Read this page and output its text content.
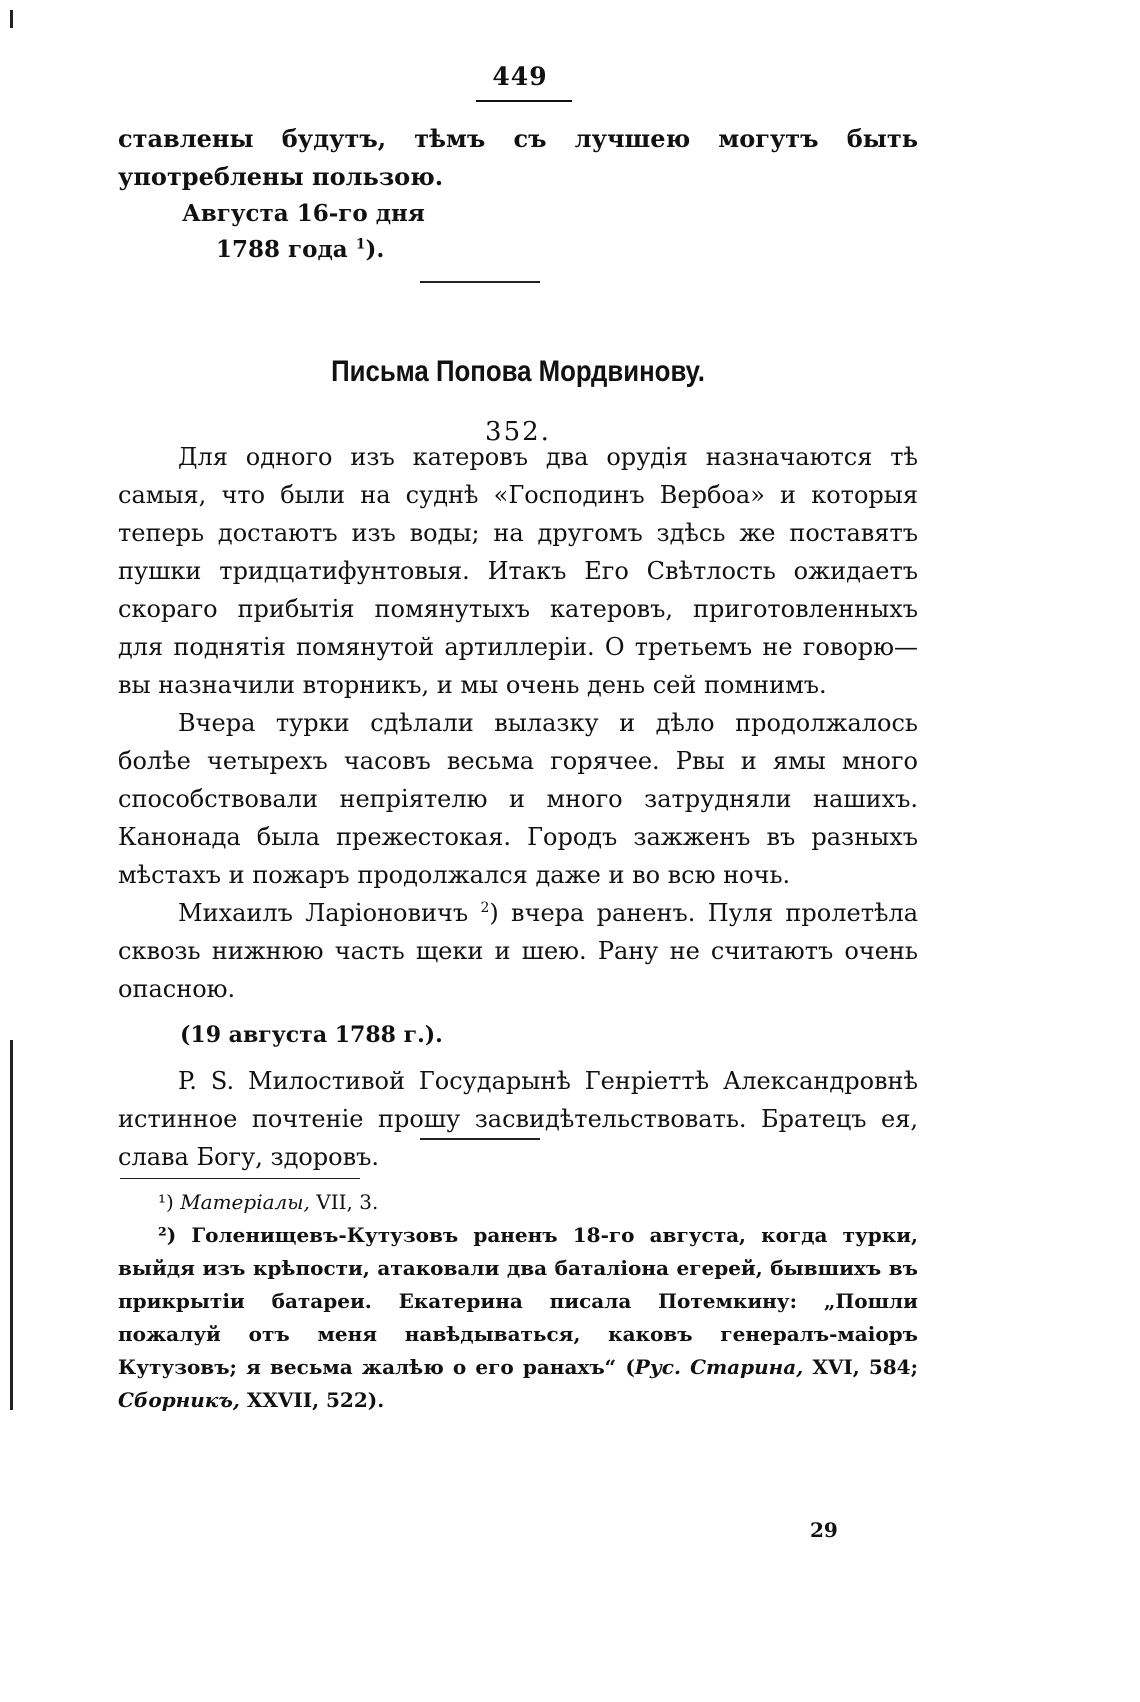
449

ставлены будутъ, тѣмъ съ лучшею могутъ быть употреблены пользою.

Августа 16-го дня

1788 года $^1$).

Письма Попова Мордвинову.
352.

Для одного изъ катеровъ два орудія назначаются тѣ самыя, что были на суднѣ «Господинъ Вербоа» и которыя теперь достаютъ изъ воды; на другомъ здѣсь же поставятъ пушки тридцатифунтовыя. Итакъ Его Свѣтлость ожидаетъ скораго прибытія помянутыхъ катеровъ, приготовленныхъ для поднятія помянутой артиллеріи. О третьемъ не говорю—вы назначили вторникъ, и мы очень день сей помнимъ.

Вчера турки сдѣлали вылазку и дѣло продолжалось болѣе четырехъ часовъ весьма горячее. Рвы и ямы много способствовали непріятелю и много затрудняли нашихъ. Канонада была прежестокая. Городъ зажженъ въ разныхъ мѣстахъ и пожаръ продолжался даже и во всю ночь.

Михаилъ Ларіоновичъ $^2$) вчера раненъ. Пуля пролетѣла сквозь нижнюю часть щеки и шею. Рану не считаютъ очень опасною.

(19 августа 1788 г.).

P. S. Милостивой Государынѣ Генріеттѣ Александровнѣ истинное почтеніе прошу засвидѣтельствовать. Братецъ ея, слава Богу, здоровъ.

¹) Матеріалы, VII, 3.

²) Голенищевъ-Кутузовъ раненъ 18-го августа, когда турки, выйдя изъ крѣпости, атаковали два баталіона егерей, бывшихъ въ прикрытіи батареи. Екатерина писала Потемкину: „Пошли пожалуй отъ меня навѣдываться, каковъ генералъ-маіоръ Кутузовъ; я весьма жалѣю о его ранахъ“ (Рус. Старина, XVI, 584; Сборникъ, XXVII, 522).

29
